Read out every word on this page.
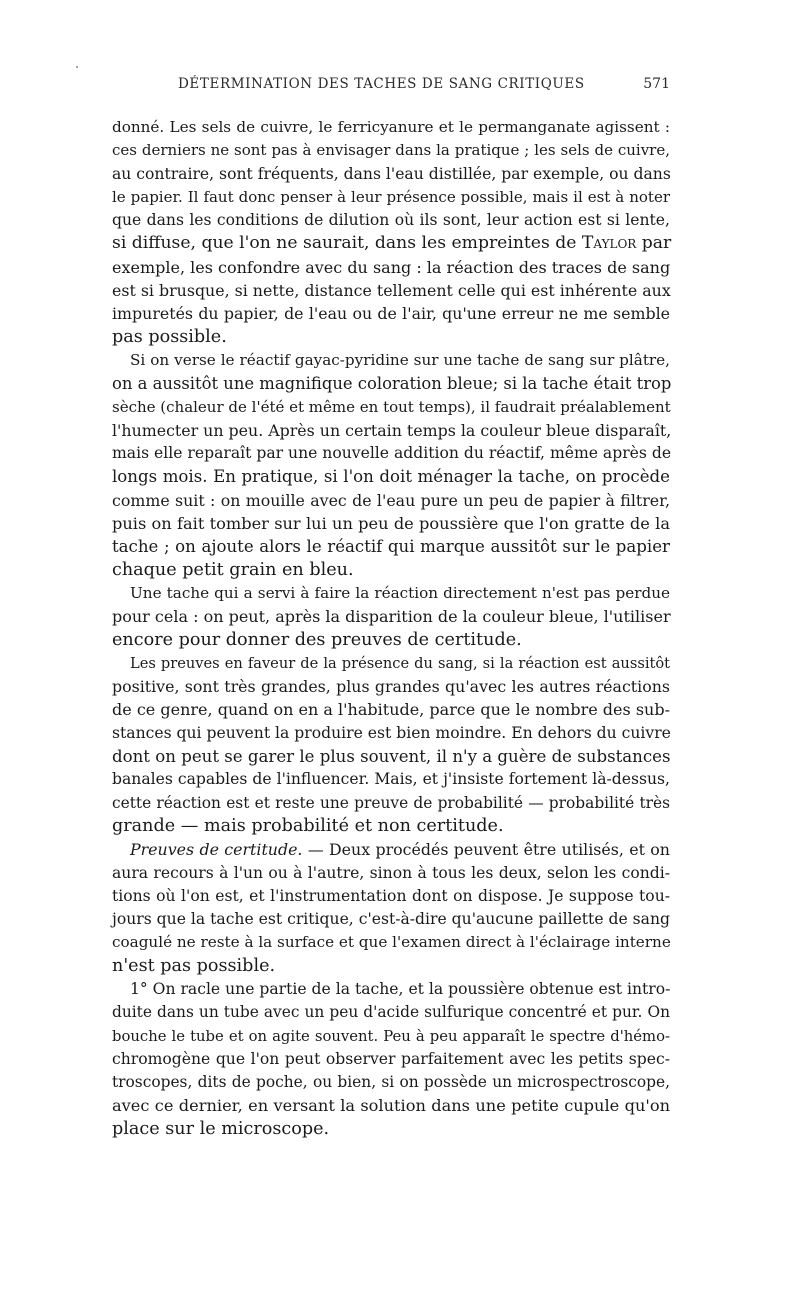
DÉTERMINATION DES TACHES DE SANG CRITIQUES	571
donné. Les sels de cuivre, le ferricyanure et le permanganate agissent :
ces derniers ne sont pas à envisager dans la pratique ; les sels de cuivre,
au contraire, sont fréquents, dans l'eau distillée, par exemple, ou dans
le papier. Il faut donc penser à leur présence possible, mais il est à noter
que dans les conditions de dilution où ils sont, leur action est si lente,
si diffuse, que l'on ne saurait, dans les empreintes de Taylor par
exemple, les confondre avec du sang : la réaction des traces de sang
est si brusque, si nette, distance tellement celle qui est inhérente aux
impuretés du papier, de l'eau ou de l'air, qu'une erreur ne me semble
pas possible.
Si on verse le réactif gayac-pyridine sur une tache de sang sur plâtre,
on a aussitôt une magnifique coloration bleue; si la tache était trop
sèche (chaleur de l'été et même en tout temps), il faudrait préalablement
l'humecter un peu. Après un certain temps la couleur bleue disparaît,
mais elle reparaît par une nouvelle addition du réactif, même après de
longs mois. En pratique, si l'on doit ménager la tache, on procède
comme suit : on mouille avec de l'eau pure un peu de papier à filtrer,
puis on fait tomber sur lui un peu de poussière que l'on gratte de la
tache ; on ajoute alors le réactif qui marque aussitôt sur le papier
chaque petit grain en bleu.
Une tache qui a servi à faire la réaction directement n'est pas perdue
pour cela : on peut, après la disparition de la couleur bleue, l'utiliser
encore pour donner des preuves de certitude.
Les preuves en faveur de la présence du sang, si la réaction est aussitôt
positive, sont très grandes, plus grandes qu'avec les autres réactions
de ce genre, quand on en a l'habitude, parce que le nombre des sub-
stances qui peuvent la produire est bien moindre. En dehors du cuivre
dont on peut se garer le plus souvent, il n'y a guère de substances
banales capables de l'influencer. Mais, et j'insiste fortement là-dessus,
cette réaction est et reste une preuve de probabilité — probabilité très
grande — mais probabilité et non certitude.
Preuves de certitude. — Deux procédés peuvent être utilisés, et on
aura recours à l'un ou à l'autre, sinon à tous les deux, selon les condi-
tions où l'on est, et l'instrumentation dont on dispose. Je suppose tou-
jours que la tache est critique, c'est-à-dire qu'aucune paillette de sang
coagulé ne reste à la surface et que l'examen direct à l'éclairage interne
n'est pas possible.
1° On racle une partie de la tache, et la poussière obtenue est intro-
duite dans un tube avec un peu d'acide sulfurique concentré et pur. On
bouche le tube et on agite souvent. Peu à peu apparaît le spectre d'hémo-
chromogène que l'on peut observer parfaitement avec les petits spec-
troscopes, dits de poche, ou bien, si on possède un microspectroscope,
avec ce dernier, en versant la solution dans une petite cupule qu'on
place sur le microscope.
